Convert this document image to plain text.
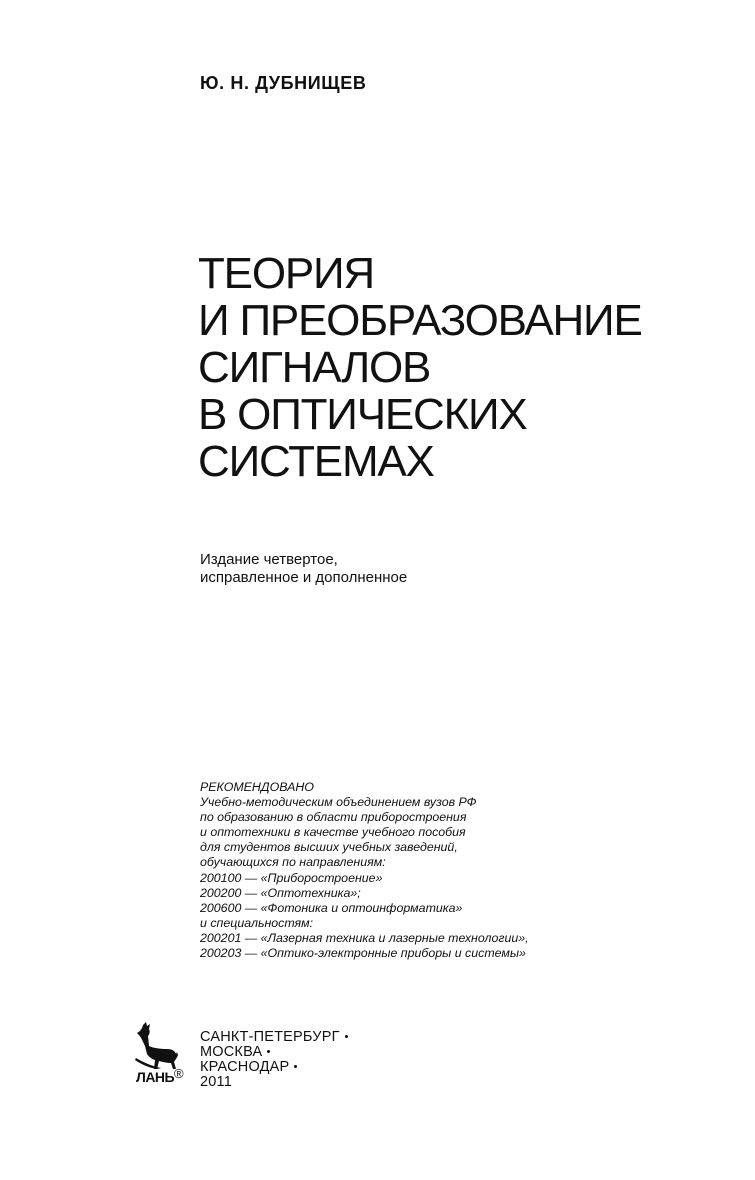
Ю. Н. ДУБНИЩЕВ
ТЕОРИЯ
И ПРЕОБРАЗОВАНИЕ
СИГНАЛОВ
В ОПТИЧЕСКИХ
СИСТЕМАХ
Издание четвертое,
исправленное и дополненное
РЕКОМЕНДОВАНО
Учебно-методическим объединением вузов РФ
по образованию в области приборостроения
и оптотехники в качестве учебного пособия
для студентов высших учебных заведений,
обучающихся по направлениям:
200100 — «Приборостроение»
200200 — «Оптотехника»;
200600 — «Фотоника и оптоинформатика»
и специальностям:
200201 — «Лазерная техника и лазерные технологии»,
200203 — «Оптико-электронные приборы и системы»
ЛАНЬ ®
САНКТ-ПЕТЕРБУРГ
МОСКВА
КРАСНОДАР
2011
